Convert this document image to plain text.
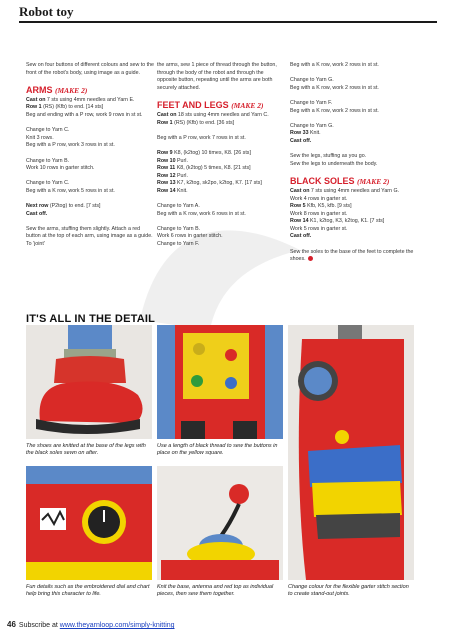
Robot toy

Sew on four buttons of different colours and sew to the front of the robot's body, using image as a guide.

ARMS (MAKE 2)

Cast on 7 sts using 4mm needles and Yarn E.

Row 1 (RS) (Kfb) to end. [14 sts]

Beg and ending with a P row, work 9 rows in st st.

Change to Yarn C.
Knit 3 rows.
Beg with a P row, work 3 rows in st st.

Change to Yarn B.
Work 10 rows in garter stitch.

Change to Yarn C.
Beg with a K row, work 5 rows in st st.

Next row (P2tog) to end. [7 sts]

Cast off.

Sew the arms, stuffing them slightly. Attach a red button at the top of each arm, using image as a guide. To 'joint'

the arms, sew 1 piece of thread through the button, through the body of the robot and through the opposite button, repeating until the arms are both securely attached.

FEET AND LEGS (MAKE 2)

Cast on 18 sts using 4mm needles and Yarn C.

Row 1 (RS) (Kfb) to end. [36 sts]

Beg with a P row, work 7 rows in st st.

Row 9 K8, (k2tog) 10 times, K8. [26 sts]

Row 10 Purl.

Row 11 K8, (k2tog) 5 times, K8. [21 sts]

Row 12 Purl.

Row 13 K7, k2tog, sk2po, k2tog, K7. [17 sts]

Row 14 Knit.

Change to Yarn A.
Beg with a K row, work 6 rows in st st.

Change to Yarn B.
Work 6 rows in garter stitch.
Change to Yarn F.

Beg with a K row, work 2 rows in st st.

Change to Yarn G.
Beg with a K row, work 2 rows in st st.

Change to Yarn F.
Beg with a K row, work 2 rows in st st.

Change to Yarn G.

Row 33 Knit.

Cast off.

Sew the legs, stuffing as you go.
Sew the legs to underneath the body.

BLACK SOLES (MAKE 2)

Cast on 7 sts using 4mm needles and Yarn G.

Work 4 rows in garter st.

Row 5 Kfb, K5, kfb. [9 sts]

Work 8 rows in garter st.

Row 14 K1, k2tog, K3, k2tog, K1. [7 sts]

Work 5 rows in garter st.

Cast off.

Sew the soles to the base of the feet to complete the shoes.

IT'S ALL IN THE DETAIL
The shoes are knitted at the base of the legs with the black soles sewn on after.
Use a length of black thread to sew the buttons in place on the yellow square.
Change colour for the flexible garter stitch section to create stand-out joints.
Fun details such as the embroidered dial and chart help bring this character to life.
Knit the base, antenna and red top as individual pieces, then sew them together.
46 Subscribe at www.theyarnloop.com/simply-knitting
